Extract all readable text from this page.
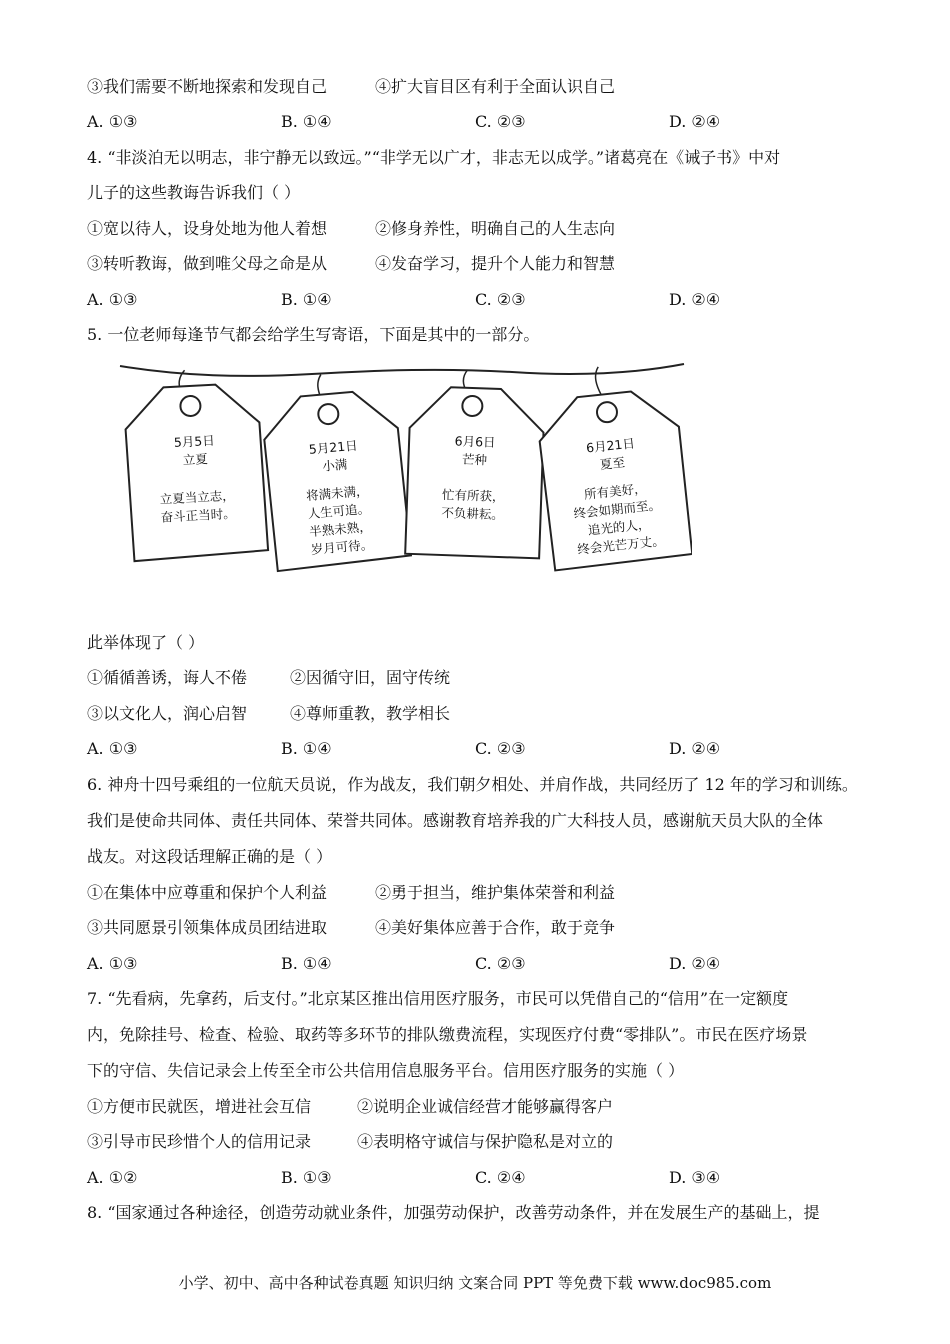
③我们需要不断地探索和发现自己	④扩大盲目区有利于全面认识自己
A. ①③	B. ①④	C. ②③	D. ②④
4. “非淡泊无以明志，非宁静无以致远。”“非学无以广才，非志无以成学。”诸葛亮在《诫子书》中对
儿子的这些教诲告诉我们（ ）
①宽以待人，设身处地为他人着想	②修身养性，明确自己的人生志向
③转听教诲，做到唯父母之命是从	④发奋学习，提升个人能力和智慧
A. ①③	B. ①④	C. ②③	D. ②④
5. 一位老师每逢节气都会给学生写寄语，下面是其中的一部分。
5月5日
立夏
立夏当立志，
奋斗正当时。
5月21日
小满
将满未满，
人生可追。
半熟未熟，
岁月可待。
6月6日
芒种
忙有所获，
不负耕耘。
6月21日
夏至
所有美好，
终会如期而至。
追光的人，
终会光芒万丈。
此举体现了（ ）
①循循善诱，诲人不倦	②因循守旧，固守传统
③以文化人，润心启智	④尊师重教，教学相长
A. ①③	B. ①④	C. ②③	D. ②④
6. 神舟十四号乘组的一位航天员说，作为战友，我们朝夕相处、并肩作战，共同经历了 12 年的学习和训练。
我们是使命共同体、责任共同体、荣誉共同体。感谢教育培养我的广大科技人员，感谢航天员大队的全体
战友。对这段话理解正确的是（ ）
①在集体中应尊重和保护个人利益	②勇于担当，维护集体荣誉和利益
③共同愿景引领集体成员团结进取	④美好集体应善于合作，敢于竞争
A. ①③	B. ①④	C. ②③	D. ②④
7. “先看病，先拿药，后支付。”北京某区推出信用医疗服务，市民可以凭借自己的“信用”在一定额度
内，免除挂号、检查、检验、取药等多环节的排队缴费流程，实现医疗付费“零排队”。市民在医疗场景
下的守信、失信记录会上传至全市公共信用信息服务平台。信用医疗服务的实施（ ）
①方便市民就医，增进社会互信	②说明企业诚信经营才能够赢得客户
③引导市民珍惜个人的信用记录	④表明格守诚信与保护隐私是对立的
A. ①②	B. ①③	C. ②④	D. ③④
8. “国家通过各种途径，创造劳动就业条件，加强劳动保护，改善劳动条件，并在发展生产的基础上，提
小学、初中、高中各种试卷真题 知识归纳 文案合同 PPT 等免费下载 www.doc985.com
